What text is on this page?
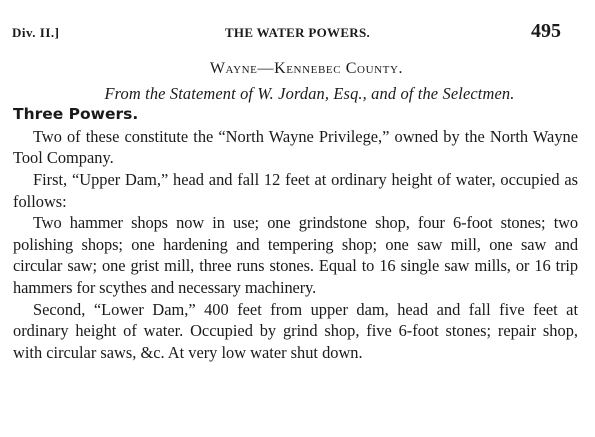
Div. II.]	THE WATER POWERS.	495
Wayne—Kennebec County.
From the Statement of W. Jordan, Esq., and of the Selectmen.
Three Powers.

Two of these constitute the “North Wayne Privilege,” owned by the North Wayne Tool Company.

First, “Upper Dam,” head and fall 12 feet at ordinary height of water, occupied as follows:

Two hammer shops now in use; one grindstone shop, four 6-foot stones; two polishing shops; one hardening and tempering shop; one saw mill, one saw and circular saw; one grist mill, three runs stones. Equal to 16 single saw mills, or 16 trip hammers for scythes and necessary machinery.

Second, “Lower Dam,” 400 feet from upper dam, head and fall five feet at ordinary height of water. Occupied by grind shop, five 6-foot stones; repair shop, with circular saws, &c. At very low water shut down.
